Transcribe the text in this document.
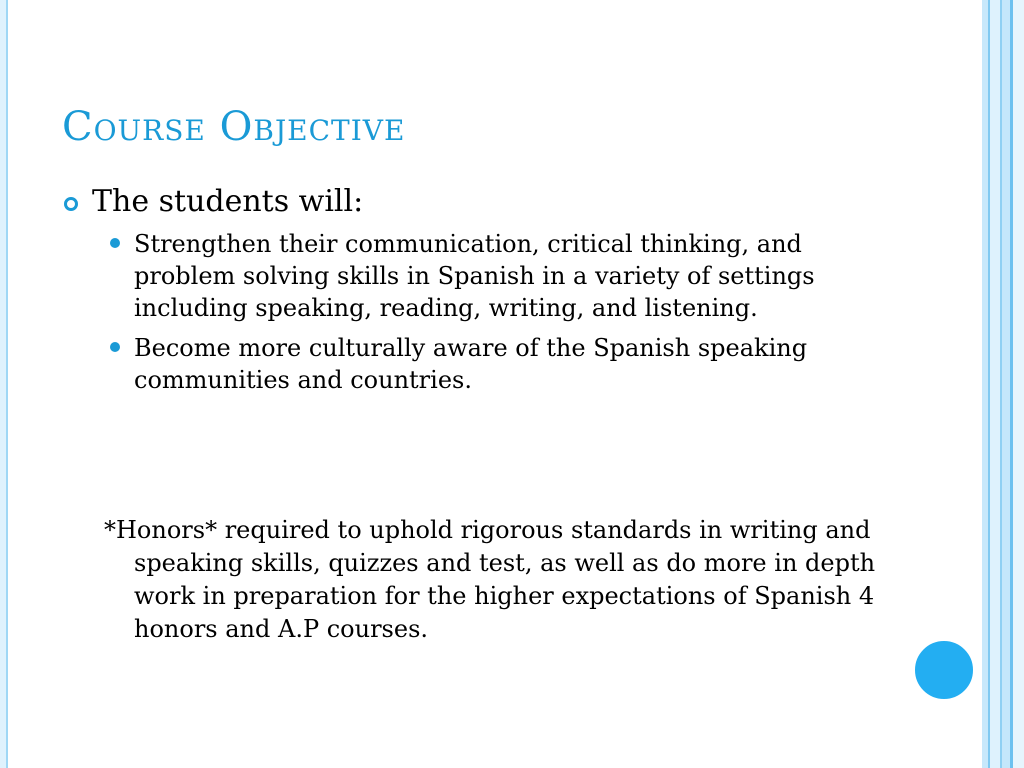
Course Objective
The students will:
Strengthen their communication, critical thinking, and problem solving skills in Spanish in a variety of settings including speaking, reading, writing, and listening.
Become more culturally aware of the Spanish speaking communities and countries.
*Honors* required to uphold rigorous standards in writing and speaking skills, quizzes and test, as well as do more in depth work in preparation for the higher expectations of Spanish 4 honors and A.P courses.
